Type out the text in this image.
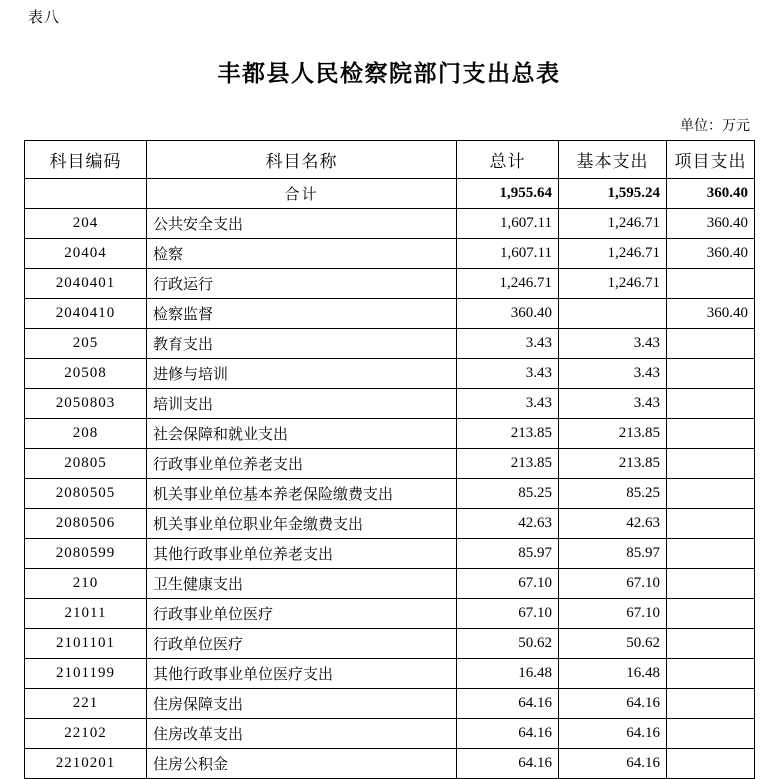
表八
丰都县人民检察院部门支出总表
单位：万元
科目编码	科目名称	总计	基本支出	项目支出
	合计	1,955.64	1,595.24	360.40
204	公共安全支出	1,607.11	1,246.71	360.40
20404	检察	1,607.11	1,246.71	360.40
2040401	行政运行	1,246.71	1,246.71	
2040410	检察监督	360.40		360.40
205	教育支出	3.43	3.43	
20508	进修与培训	3.43	3.43	
2050803	培训支出	3.43	3.43	
208	社会保障和就业支出	213.85	213.85	
20805	行政事业单位养老支出	213.85	213.85	
2080505	机关事业单位基本养老保险缴费支出	85.25	85.25	
2080506	机关事业单位职业年金缴费支出	42.63	42.63	
2080599	其他行政事业单位养老支出	85.97	85.97	
210	卫生健康支出	67.10	67.10	
21011	行政事业单位医疗	67.10	67.10	
2101101	行政单位医疗	50.62	50.62	
2101199	其他行政事业单位医疗支出	16.48	16.48	
221	住房保障支出	64.16	64.16	
22102	住房改革支出	64.16	64.16	
2210201	住房公积金	64.16	64.16	
